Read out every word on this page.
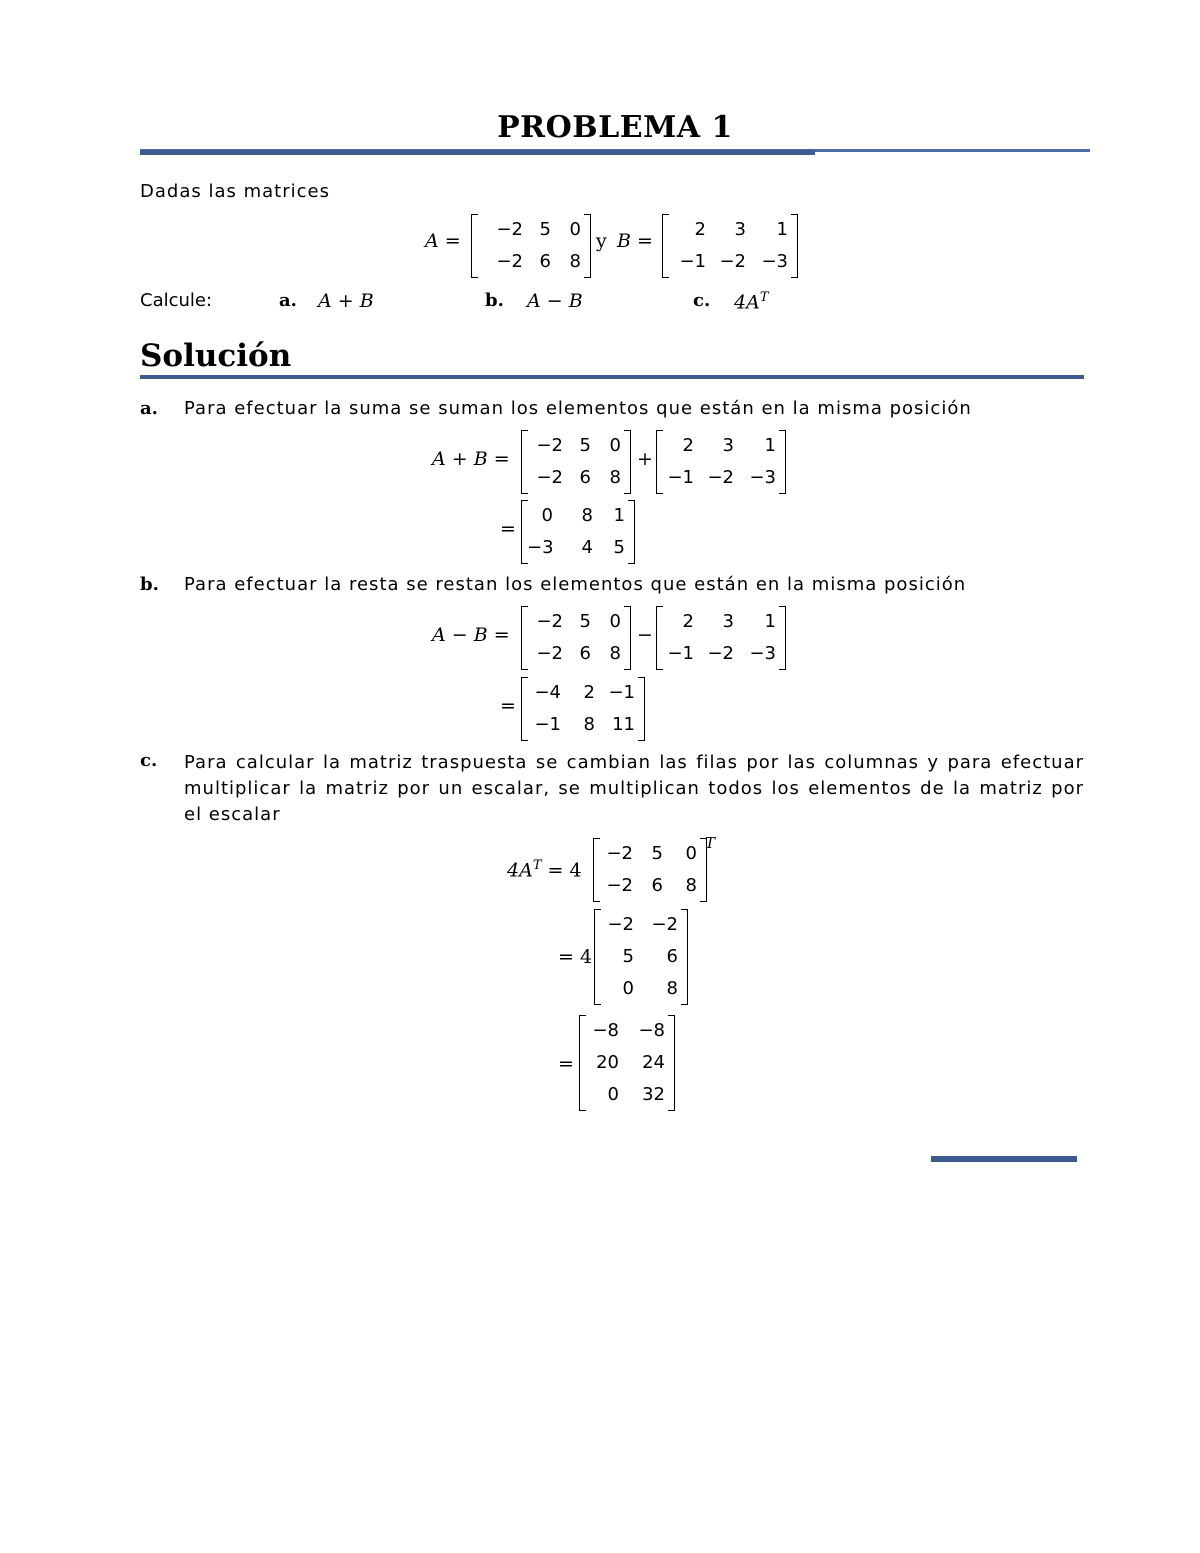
PROBLEMA 1
Dadas las matrices
A =
−2 5	0
−2 6	8
y B =
2	3	1
−1 −2 −3
Calcule:	a. A + B	b. A − B	c. $4A^T$
Solución
a. Para efectuar la suma se suman los elementos que están en la misma posición
A + B =
−2 5	0
−2 6	8
+
2	3	1
−1 −2 −3
=
0	8	1
−3	4	5
b. Para efectuar la resta se restan los elementos que están en la misma posición
A − B =
−2 5	0
−2 6	8
−
2	3	1
−1 −2 −3
=
−4	2 −1
−1	8 11
c. Para calcular la matriz traspuesta se cambian las filas por las columnas y para efectuar multiplicar la matriz por un escalar, se multiplican todos los elementos de la matriz por el escalar
$4A^T = 4$
−2	5	0
−2	6	8
T
= 4
−2 −2
5	6
0	8
=
−8	−8
20	24
0	32
